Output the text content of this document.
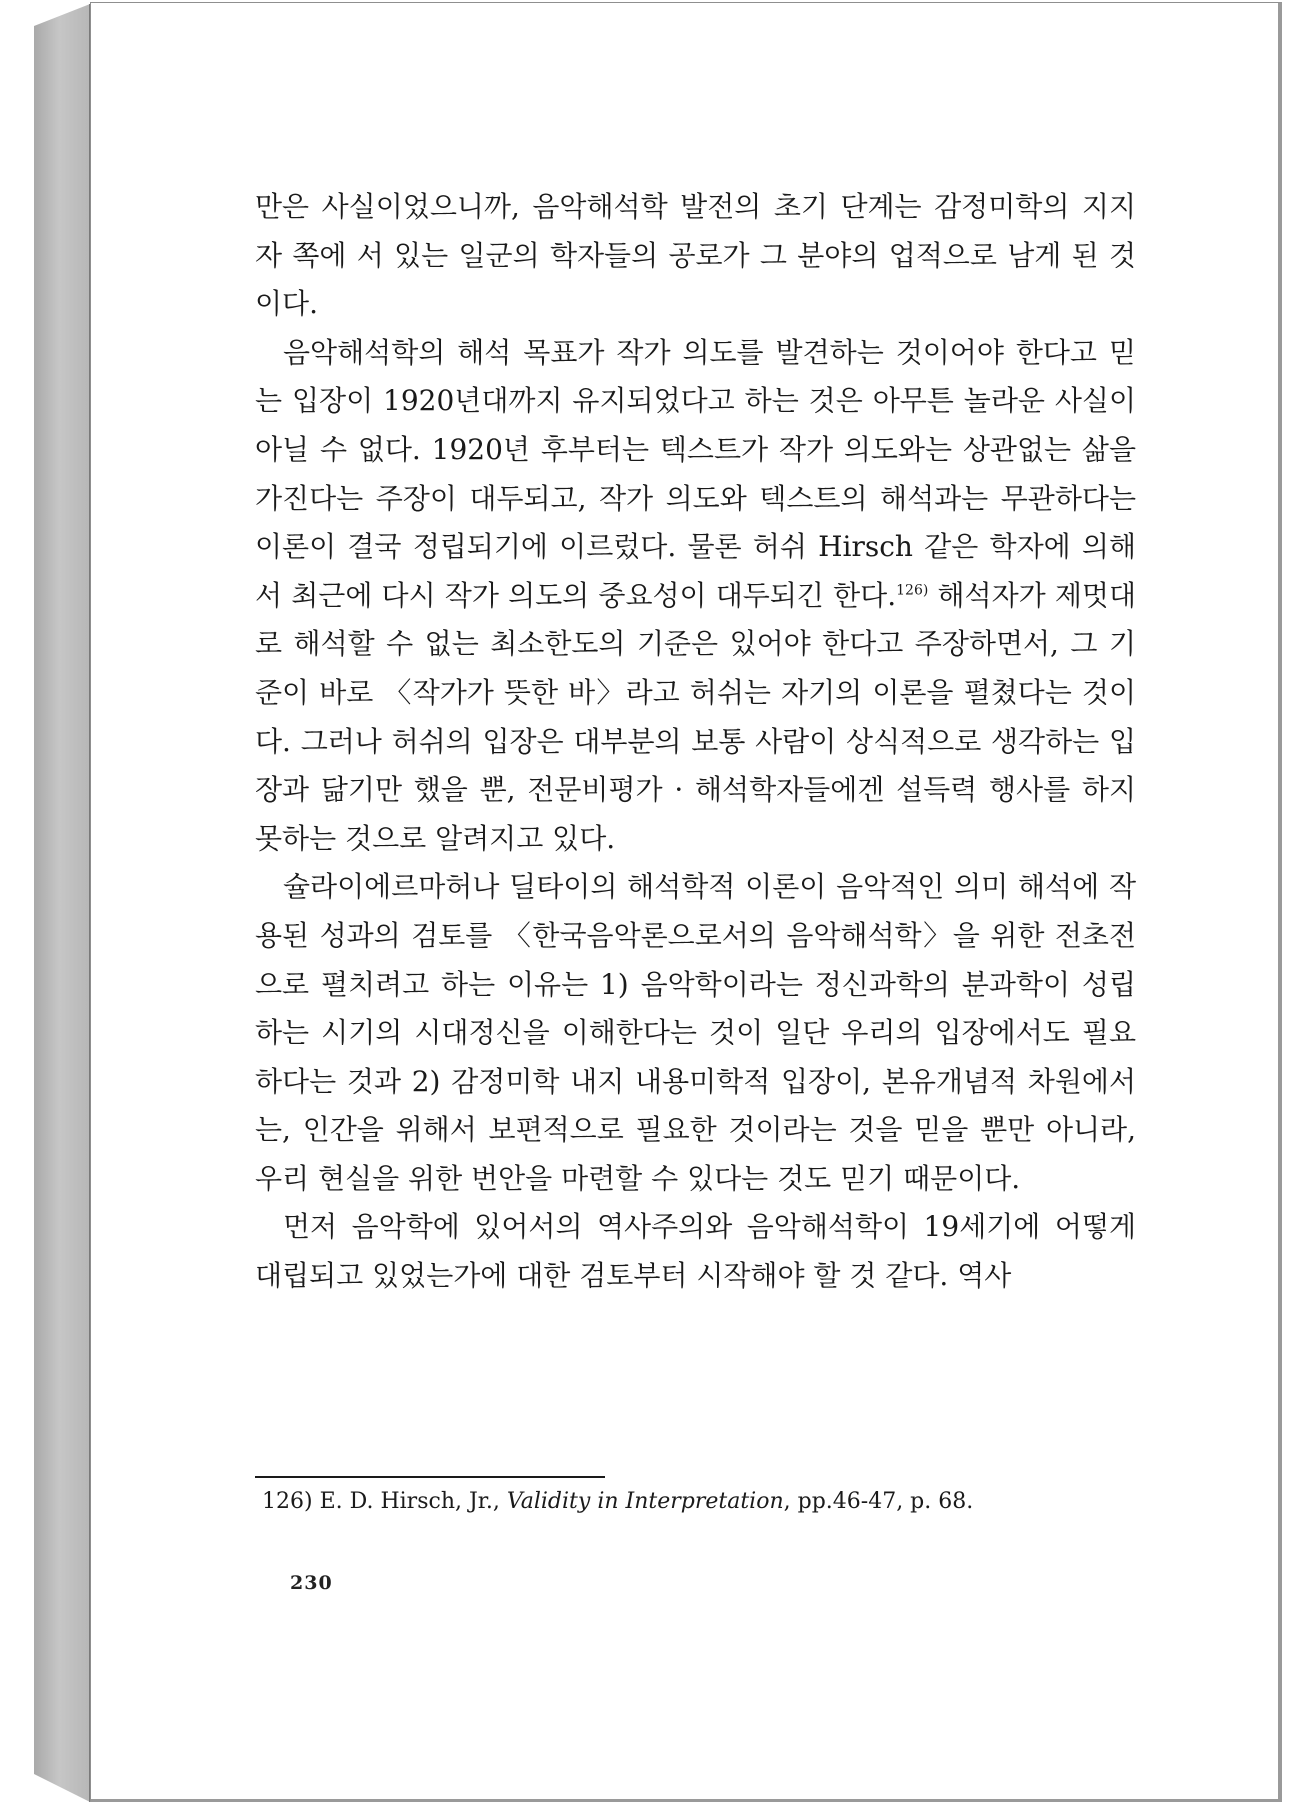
만은 사실이었으니까, 음악해석학 발전의 초기 단계는 감정미학의 지지자 쪽에 서 있는 일군의 학자들의 공로가 그 분야의 업적으로 남게 된 것이다.

음악해석학의 해석 목표가 작가 의도를 발견하는 것이어야 한다고 믿는 입장이 1920년대까지 유지되었다고 하는 것은 아무튼 놀라운 사실이 아닐 수 없다. 1920년 후부터는 텍스트가 작가 의도와는 상관없는 삶을 가진다는 주장이 대두되고, 작가 의도와 텍스트의 해석과는 무관하다는 이론이 결국 정립되기에 이르렀다. 물론 허쉬 Hirsch 같은 학자에 의해서 최근에 다시 작가 의도의 중요성이 대두되긴 한다.$^{126)}$ 해석자가 제멋대로 해석할 수 없는 최소한도의 기준은 있어야 한다고 주장하면서, 그 기준이 바로 〈작가가 뜻한 바〉라고 허쉬는 자기의 이론을 펼쳤다는 것이다. 그러나 허쉬의 입장은 대부분의 보통 사람이 상식적으로 생각하는 입장과 닮기만 했을 뿐, 전문비평가 · 해석학자들에겐 설득력 행사를 하지 못하는 것으로 알려지고 있다.

슐라이에르마허나 딜타이의 해석학적 이론이 음악적인 의미 해석에 작용된 성과의 검토를 〈한국음악론으로서의 음악해석학〉을 위한 전초전으로 펼치려고 하는 이유는 1) 음악학이라는 정신과학의 분과학이 성립하는 시기의 시대정신을 이해한다는 것이 일단 우리의 입장에서도 필요하다는 것과 2) 감정미학 내지 내용미학적 입장이, 본유개념적 차원에서는, 인간을 위해서 보편적으로 필요한 것이라는 것을 믿을 뿐만 아니라, 우리 현실을 위한 번안을 마련할 수 있다는 것도 믿기 때문이다.

먼저 음악학에 있어서의 역사주의와 음악해석학이 19세기에 어떻게 대립되고 있었는가에 대한 검토부터 시작해야 할 것 같다. 역사

126) E. D. Hirsch, Jr., Validity in Interpretation, pp.46-47, p. 68.
230
